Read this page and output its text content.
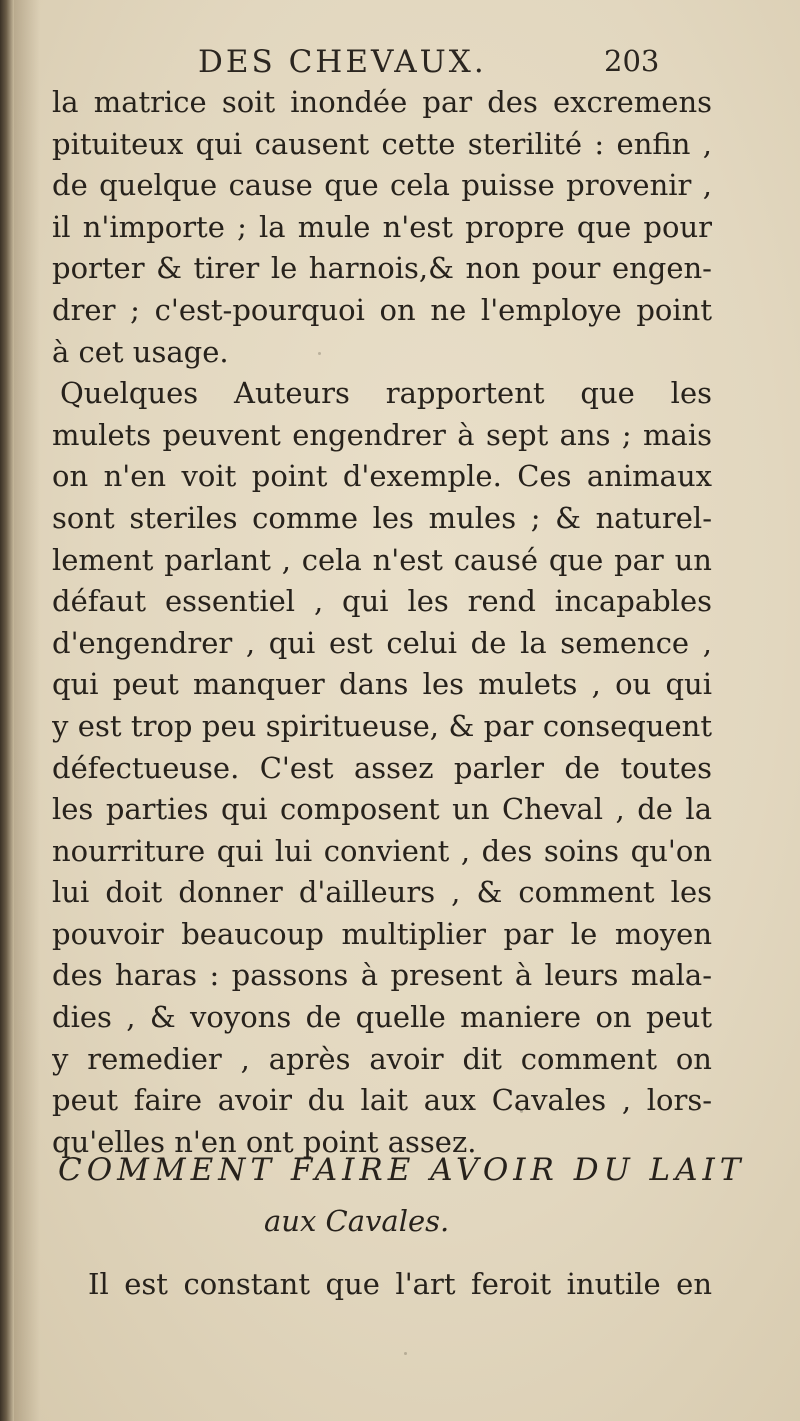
DES CHEVAUX.	203
la matrice soit inondée par des excremens
pituiteux qui causent cette sterilité : enfin ,
de quelque cause que cela puisse provenir ,
il n'importe ; la mule n'est propre que pour
porter & tirer le harnois,& non pour engen-
drer ; c'est-pourquoi on ne l'employe point
à cet usage.
Quelques Auteurs rapportent que les
mulets peuvent engendrer à sept ans ; mais
on n'en voit point d'exemple. Ces animaux
sont steriles comme les mules ; & naturel-
lement parlant , cela n'est causé que par un
défaut essentiel , qui les rend incapables
d'engendrer , qui est celui de la semence ,
qui peut manquer dans les mulets , ou qui
y est trop peu spiritueuse, & par consequent
défectueuse. C'est assez parler de toutes
les parties qui composent un Cheval , de la
nourriture qui lui convient , des soins qu'on
lui doit donner d'ailleurs , & comment les
pouvoir beaucoup multiplier par le moyen
des haras : passons à present à leurs mala-
dies , & voyons de quelle maniere on peut
y remedier , après avoir dit comment on
peut faire avoir du lait aux Cavales , lors-
qu'elles n'en ont point assez.
COMMENT FAIRE AVOIR DU LAIT
aux Cavales.
Il est constant que l'art feroit inutile en
